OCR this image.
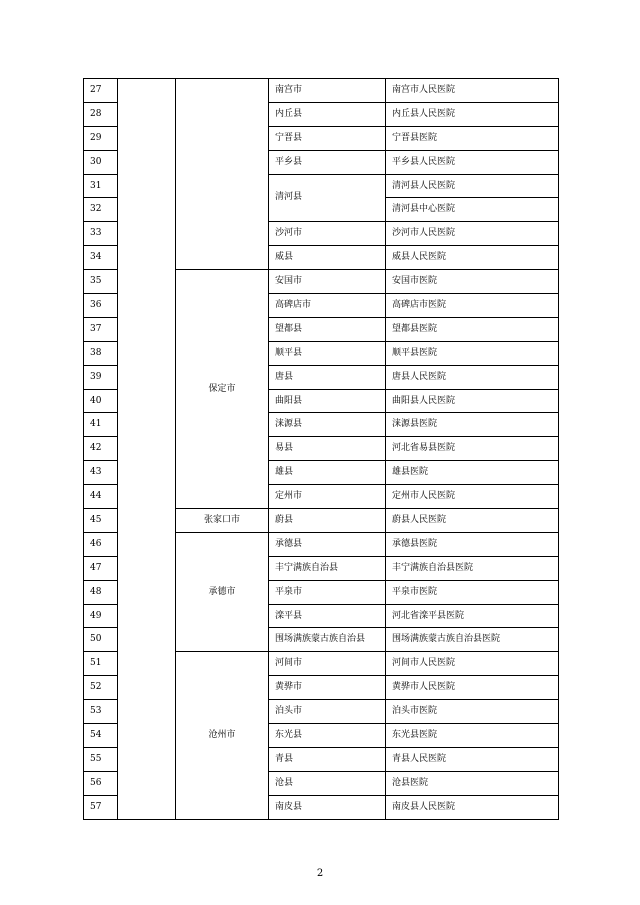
27			南宫市	南宫市人民医院
28			内丘县	内丘县人民医院
29			宁晋县	宁晋县医院
30			平乡县	平乡县人民医院
31			清河县	清河县人民医院
32				清河县中心医院
33			沙河市	沙河市人民医院
34			威县	威县人民医院
35		保定市	安国市	安国市医院
36			高碑店市	高碑店市医院
37			望都县	望都县医院
38			顺平县	顺平县医院
39			唐县	唐县人民医院
40			曲阳县	曲阳县人民医院
41			涞源县	涞源县医院
42			易县	河北省易县医院
43			雄县	雄县医院
44			定州市	定州市人民医院
45		张家口市	蔚县	蔚县人民医院
46		承德市	承德县	承德县医院
47			丰宁满族自治县	丰宁满族自治县医院
48			平泉市	平泉市医院
49			滦平县	河北省滦平县医院
50			围场满族蒙古族自治县	围场满族蒙古族自治县医院
51		沧州市	河间市	河间市人民医院
52			黄骅市	黄骅市人民医院
53			泊头市	泊头市医院
54			东光县	东光县医院
55			青县	青县人民医院
56			沧县	沧县医院
57			南皮县	南皮县人民医院
2
